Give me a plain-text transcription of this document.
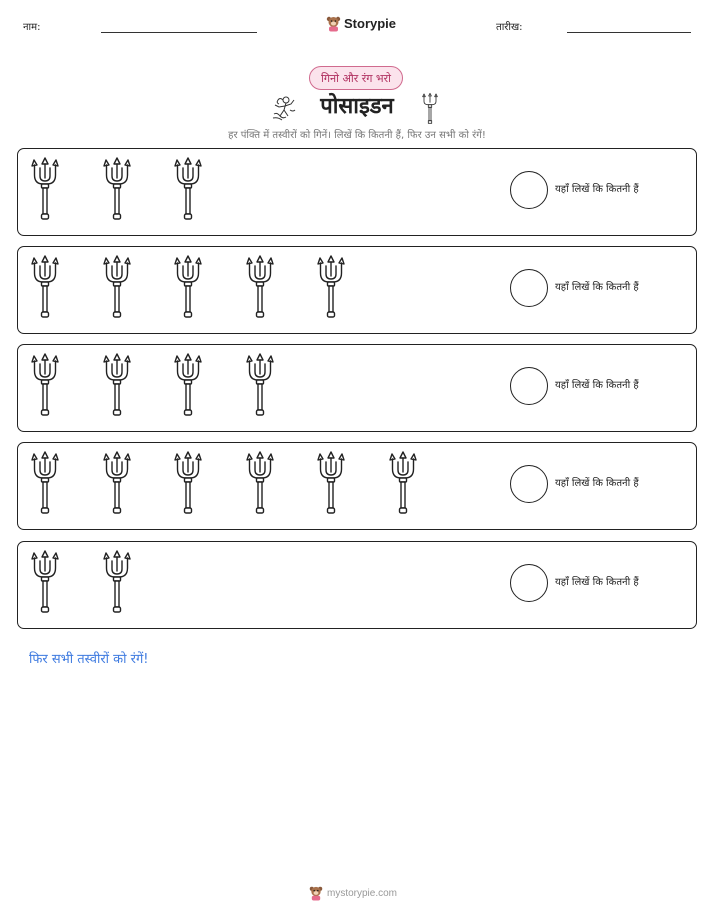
नाम:	Storypie	तारीख:
गिनो और रंग भरो
पोसाइडन
हर पंक्ति में तस्वीरों को गिनें। लिखें कि कितनी हैं, फिर उन सभी को रंगें!
यहाँ लिखें कि कितनी हैं
यहाँ लिखें कि कितनी हैं
यहाँ लिखें कि कितनी हैं
यहाँ लिखें कि कितनी हैं
यहाँ लिखें कि कितनी हैं
फिर सभी तस्वीरों को रंगें!
mystorypie.com
